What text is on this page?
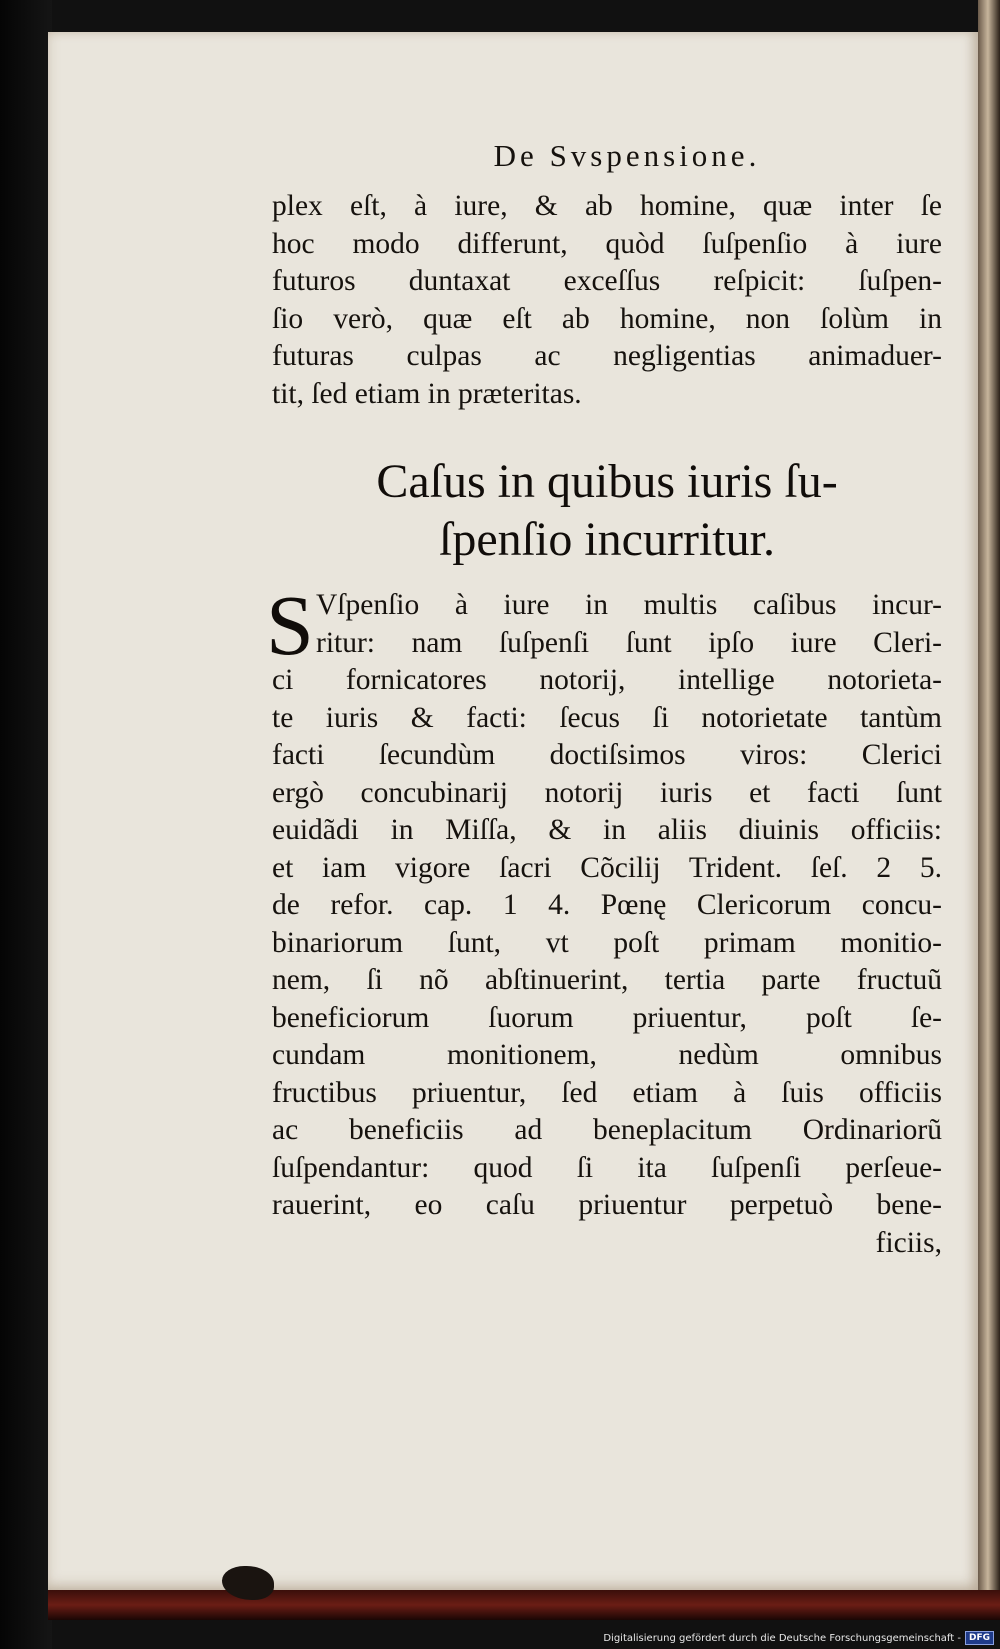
De Svspensione.
plex eſt, à iure, & ab homine, quæ inter ſe
hoc modo differunt, quòd ſuſpenſio à iure
futuros duntaxat exceſſus reſpicit: ſuſpen-
ſio verò, quæ eſt ab homine, non ſolùm in
futuras culpas ac negligentias animaduer-
tit, ſed etiam in præteritas.
Caſus in quibus iuris ſu-
ſpenſio incurritur.
S Vſpenſio à iure in multis caſibus incur-
ritur: nam ſuſpenſi ſunt ipſo iure Cleri-
ci fornicatores notorij, intellige notorieta-
te iuris & facti: ſecus ſi notorietate tantùm
facti ſecundùm doctiſsimos viros: Clerici
ergò concubinarij notorij iuris et facti ſunt
euidãdi in Miſſa, & in aliis diuinis officiis:
et iam vigore ſacri Cõcilij Trident. ſeſ. 2 5.
de refor. cap. 1 4. Pœnę Clericorum concu-
binariorum ſunt, vt poſt primam monitio-
nem, ſi nõ abſtinuerint, tertia parte fructuũ
beneficiorum ſuorum priuentur, poſt ſe-
cundam monitionem, nedùm omnibus
fructibus priuentur, ſed etiam à ſuis officiis
ac beneficiis ad beneplacitum Ordinariorũ
ſuſpendantur: quod ſi ita ſuſpenſi perſeue-
rauerint, eo caſu priuentur perpetuò bene-
ficiis,
Digitalisierung gefördert durch die Deutsche Forschungsgemeinschaft - DFG
